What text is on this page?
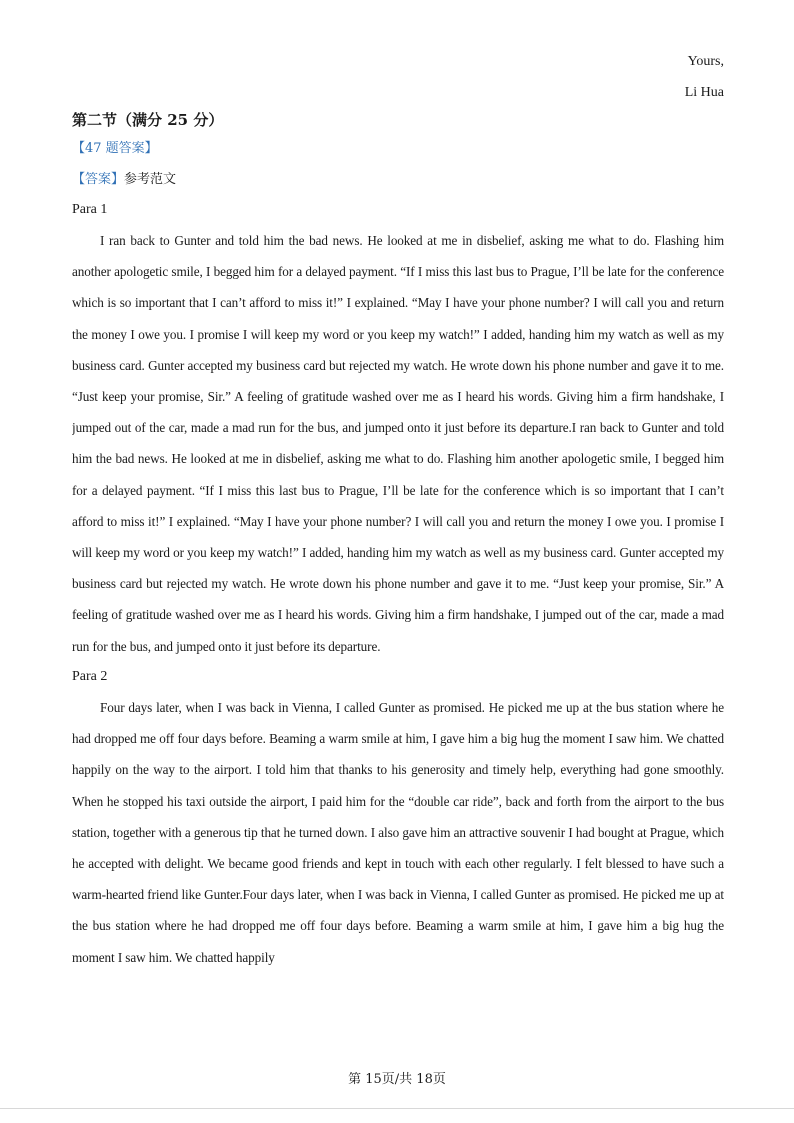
Yours,
Li Hua
第二节（满分 25 分）
【47 题答案】
【答案】参考范文
Para 1

I ran back to Gunter and told him the bad news. He looked at me in disbelief, asking me what to do. Flashing him another apologetic smile, I begged him for a delayed payment. “If I miss this last bus to Prague, I’ll be late for the conference which is so important that I can’t afford to miss it!” I explained. “May I have your phone number? I will call you and return the money I owe you. I promise I will keep my word or you keep my watch!” I added, handing him my watch as well as my business card. Gunter accepted my business card but rejected my watch. He wrote down his phone number and gave it to me. “Just keep your promise, Sir.” A feeling of gratitude washed over me as I heard his words. Giving him a firm handshake, I jumped out of the car, made a mad run for the bus, and jumped onto it just before its departure.I ran back to Gunter and told him the bad news. He looked at me in disbelief, asking me what to do. Flashing him another apologetic smile, I begged him for a delayed payment. “If I miss this last bus to Prague, I’ll be late for the conference which is so important that I can’t afford to miss it!” I explained. “May I have your phone number? I will call you and return the money I owe you. I promise I will keep my word or you keep my watch!” I added, handing him my watch as well as my business card. Gunter accepted my business card but rejected my watch. He wrote down his phone number and gave it to me. “Just keep your promise, Sir.” A feeling of gratitude washed over me as I heard his words. Giving him a firm handshake, I jumped out of the car, made a mad run for the bus, and jumped onto it just before its departure.

Para 2

Four days later, when I was back in Vienna, I called Gunter as promised. He picked me up at the bus station where he had dropped me off four days before. Beaming a warm smile at him, I gave him a big hug the moment I saw him. We chatted happily on the way to the airport. I told him that thanks to his generosity and timely help, everything had gone smoothly. When he stopped his taxi outside the airport, I paid him for the “double car ride”, back and forth from the airport to the bus station, together with a generous tip that he turned down. I also gave him an attractive souvenir I had bought at Prague, which he accepted with delight. We became good friends and kept in touch with each other regularly. I felt blessed to have such a warm-hearted friend like Gunter.Four days later, when I was back in Vienna, I called Gunter as promised. He picked me up at the bus station where he had dropped me off four days before. Beaming a warm smile at him, I gave him a big hug the moment I saw him. We chatted happily

第 15页/共 18页
